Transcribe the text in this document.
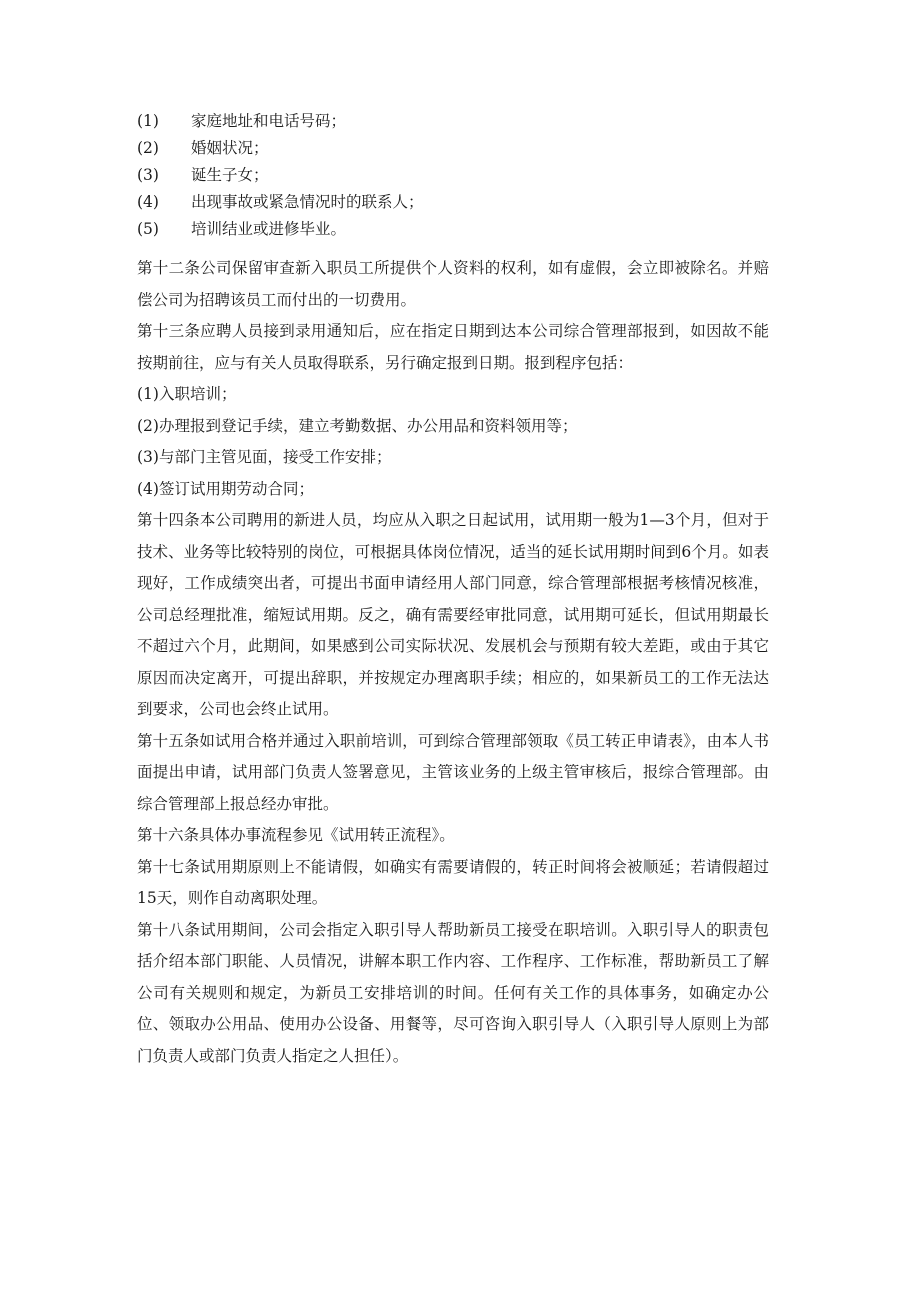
(1) 家庭地址和电话号码；
(2) 婚姻状况；
(3) 诞生子女；
(4) 出现事故或紧急情况时的联系人；
(5) 培训结业或进修毕业。
第十二条公司保留审查新入职员工所提供个人资料的权利，如有虚假，会立即被除名。并赔偿公司为招聘该员工而付出的一切费用。
第十三条应聘人员接到录用通知后，应在指定日期到达本公司综合管理部报到，如因故不能按期前往，应与有关人员取得联系，另行确定报到日期。报到程序包括：
(1)入职培训；
(2)办理报到登记手续，建立考勤数据、办公用品和资料领用等；
(3)与部门主管见面，接受工作安排；
(4)签订试用期劳动合同；
第十四条本公司聘用的新进人员，均应从入职之日起试用，试用期一般为1—3个月，但对于技术、业务等比较特别的岗位，可根据具体岗位情况，适当的延长试用期时间到6个月。如表现好，工作成绩突出者，可提出书面申请经用人部门同意，综合管理部根据考核情况核准，公司总经理批准，缩短试用期。反之，确有需要经审批同意，试用期可延长，但试用期最长不超过六个月，此期间，如果感到公司实际状况、发展机会与预期有较大差距，或由于其它原因而决定离开，可提出辞职，并按规定办理离职手续；相应的，如果新员工的工作无法达到要求，公司也会终止试用。
第十五条如试用合格并通过入职前培训，可到综合管理部领取《员工转正申请表》，由本人书面提出申请，试用部门负责人签署意见，主管该业务的上级主管审核后，报综合管理部。由综合管理部上报总经办审批。
第十六条具体办事流程参见《试用转正流程》。
第十七条试用期原则上不能请假，如确实有需要请假的，转正时间将会被顺延；若请假超过15天，则作自动离职处理。
第十八条试用期间，公司会指定入职引导人帮助新员工接受在职培训。入职引导人的职责包括介绍本部门职能、人员情况，讲解本职工作内容、工作程序、工作标准，帮助新员工了解公司有关规则和规定，为新员工安排培训的时间。任何有关工作的具体事务，如确定办公位、领取办公用品、使用办公设备、用餐等，尽可咨询入职引导人（入职引导人原则上为部门负责人或部门负责人指定之人担任）。
